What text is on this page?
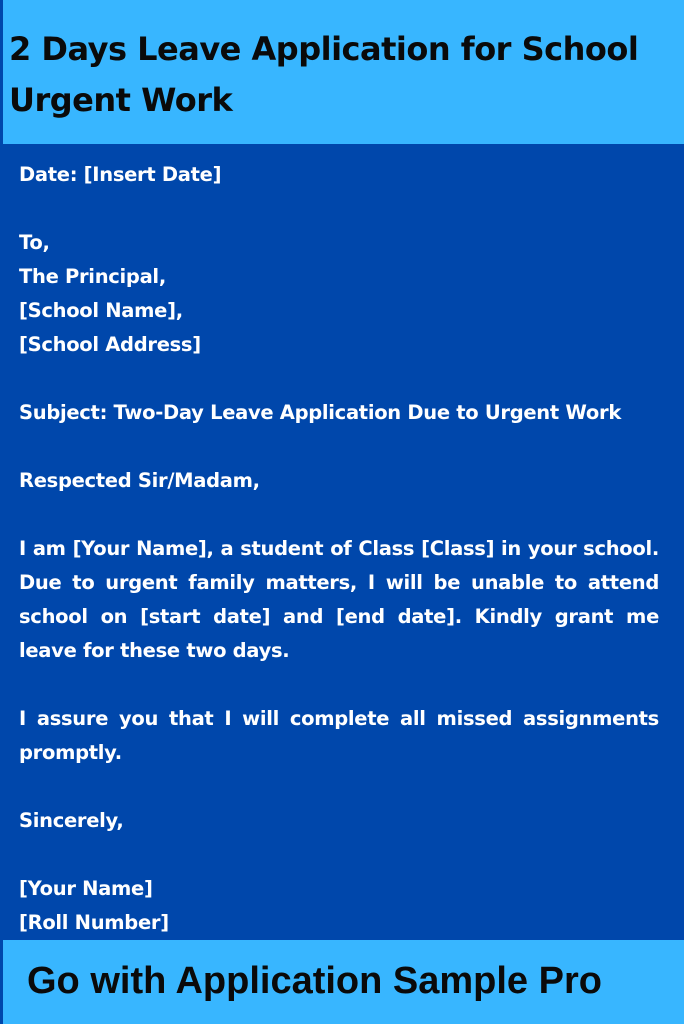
2 Days Leave Application for School Urgent Work

Date: [Insert Date]

To,

The Principal,

[School Name],

[School Address]

Subject: Two-Day Leave Application Due to Urgent Work

Respected Sir/Madam,

I am [Your Name], a student of Class [Class] in your school. Due to urgent family matters, I will be unable to attend school on [start date] and [end date]. Kindly grant me leave for these two days.

I assure you that I will complete all missed assignments promptly.

Sincerely,

[Your Name]

[Roll Number]

Go with Application Sample Pro
